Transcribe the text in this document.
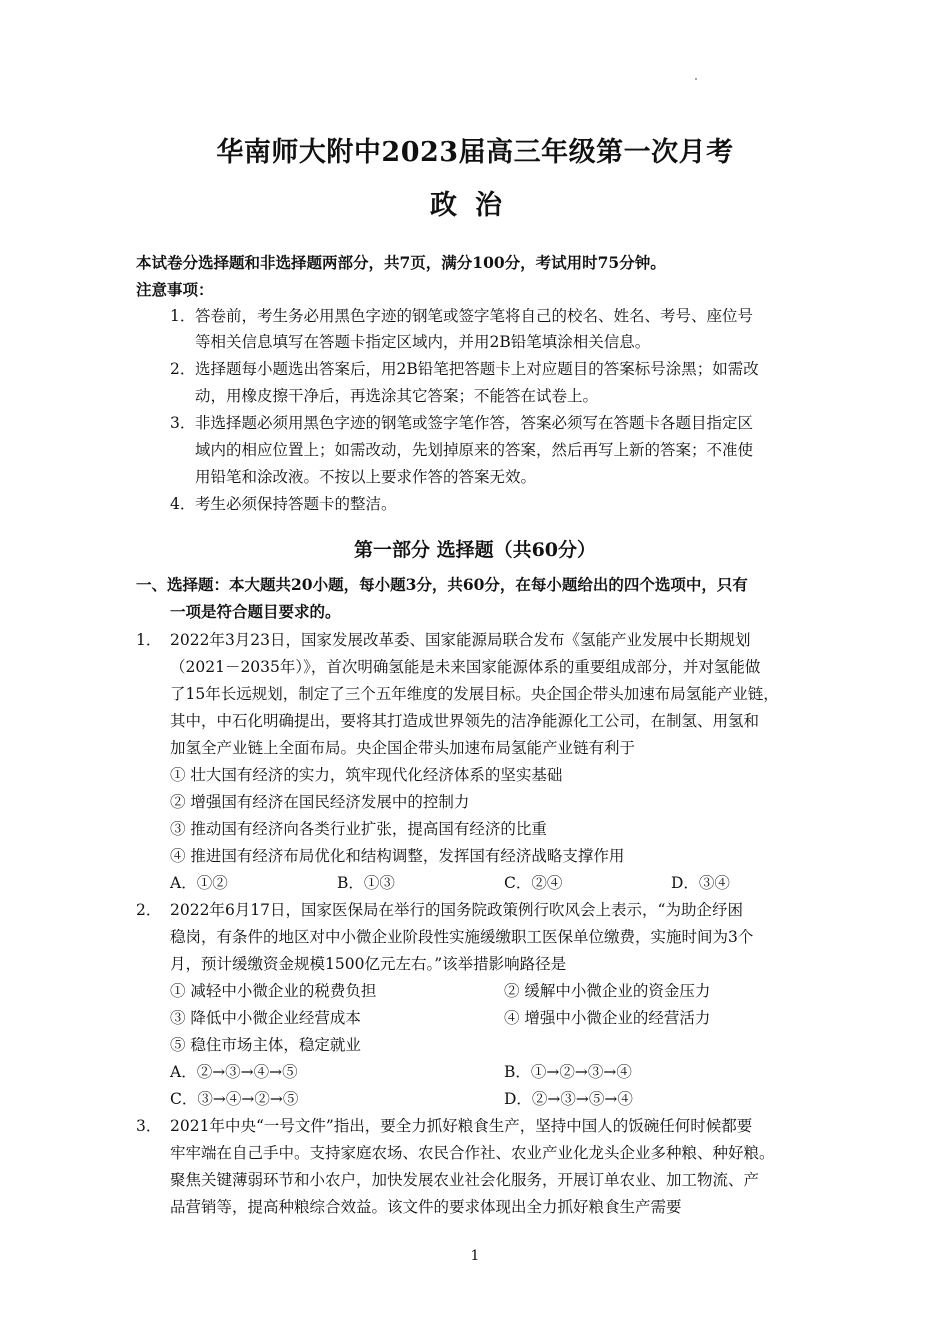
华南师大附中2023届高三年级第一次月考
政治
本试卷分选择题和非选择题两部分，共7页，满分100分，考试用时75分钟。
注意事项：
1． 答卷前，考生务必用黑色字迹的钢笔或签字笔将自己的校名、姓名、考号、座位号
等相关信息填写在答题卡指定区域内，并用2B铅笔填涂相关信息。
2． 选择题每小题选出答案后，用2B铅笔把答题卡上对应题目的答案标号涂黑；如需改
动，用橡皮擦干净后，再选涂其它答案；不能答在试卷上。
3． 非选择题必须用黑色字迹的钢笔或签字笔作答，答案必须写在答题卡各题目指定区
域内的相应位置上；如需改动，先划掉原来的答案，然后再写上新的答案；不准使
用铅笔和涂改液。不按以上要求作答的答案无效。
4． 考生必须保持答题卡的整洁。
第一部分 选择题（共60分）
一、选择题：本大题共20小题，每小题3分，共60分，在每小题给出的四个选项中，只有
一项是符合题目要求的。
1． 2022年3月23日，国家发展改革委、国家能源局联合发布《氢能产业发展中长期规划
（2021－2035年）》，首次明确氢能是未来国家能源体系的重要组成部分，并对氢能做
了15年长远规划，制定了三个五年维度的发展目标。央企国企带头加速布局氢能产业链，
其中，中石化明确提出，要将其打造成世界领先的洁净能源化工公司，在制氢、用氢和
加氢全产业链上全面布局。央企国企带头加速布局氢能产业链有利于
① 壮大国有经济的实力，筑牢现代化经济体系的坚实基础
② 增强国有经济在国民经济发展中的控制力
③ 推动国有经济向各类行业扩张，提高国有经济的比重
④ 推进国有经济布局优化和结构调整，发挥国有经济战略支撑作用
A．①②	B．①③	C．②④	D．③④
2． 2022年6月17日，国家医保局在举行的国务院政策例行吹风会上表示，“为助企纾困
稳岗，有条件的地区对中小微企业阶段性实施缓缴职工医保单位缴费，实施时间为3个
月，预计缓缴资金规模1500亿元左右。”该举措影响路径是
① 减轻中小微企业的税费负担	② 缓解中小微企业的资金压力
③ 降低中小微企业经营成本	④ 增强中小微企业的经营活力
⑤ 稳住市场主体，稳定就业
A．②→③→④→⑤	B．①→②→③→④
C．③→④→②→⑤	D．②→③→⑤→④
3． 2021年中央“一号文件”指出，要全力抓好粮食生产，坚持中国人的饭碗任何时候都要
牢牢端在自己手中。支持家庭农场、农民合作社、农业产业化龙头企业多种粮、种好粮。
聚焦关键薄弱环节和小农户，加快发展农业社会化服务，开展订单农业、加工物流、产
品营销等，提高种粮综合效益。该文件的要求体现出全力抓好粮食生产需要
1
